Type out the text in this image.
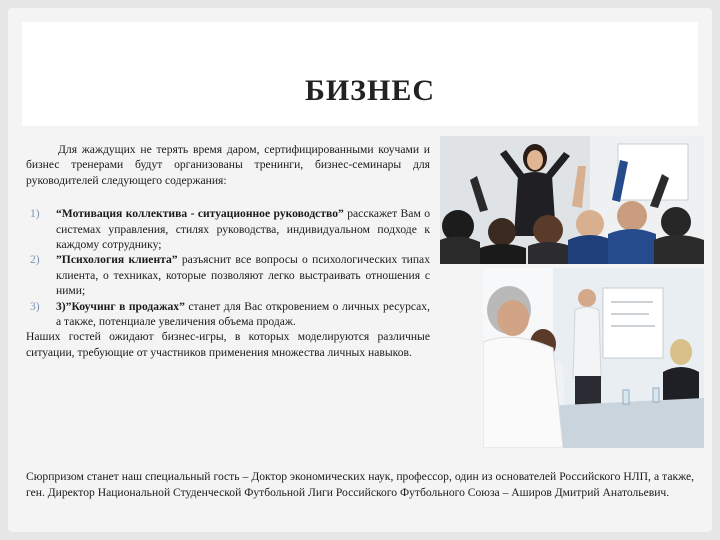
БИЗНЕС

Для жаждущих не терять время даром, сертифицированными коучами и бизнес тренерами будут организованы тренинги, бизнес-семинары для руководителей следующего содержания:

1) “Мотивация коллектива - ситуационное руководство” расскажет Вам о системах управления, стилях руководства, индивидуальном подходе к каждому сотруднику;
2) ”Психология клиента” разъяснит все вопросы о психологических типах клиента, о техниках, которые позволяют легко выстраивать отношения с ними;
3) 3)”Коучинг в продажах” станет для Вас откровением о личных ресурсах, а также, потенциале увеличения объема продаж.

Наших гостей ожидают бизнес-игры, в которых моделируются различные ситуации, требующие от участников применения множества личных навыков.

Сюрпризом станет наш специальный гость – Доктор экономических наук, профессор, один из основателей Российского НЛП, а также, ген. Директор Национальной Студенческой Футбольной Лиги Российского Футбольного Союза – Аширов Дмитрий Анатольевич.
